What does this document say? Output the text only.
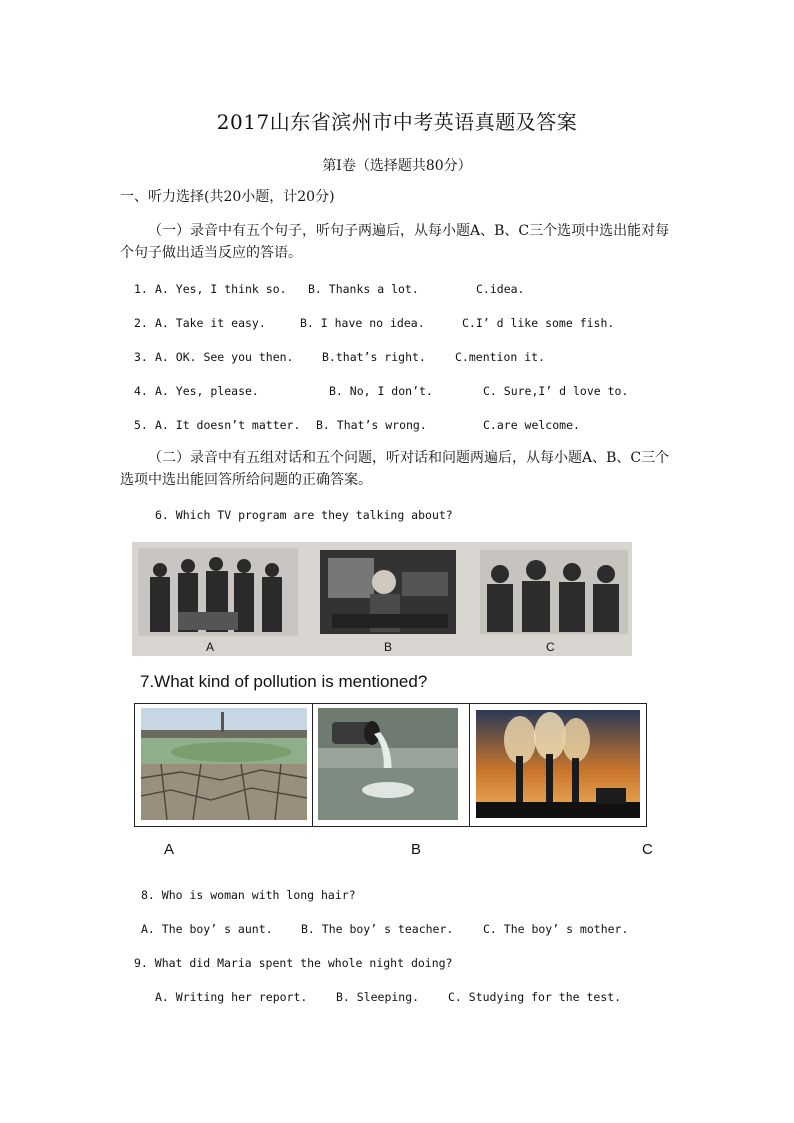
2017山东省滨州市中考英语真题及答案
第Ⅰ卷（选择题共80分）
一、听力选择(共20小题，计20分)
（一）录音中有五个句子，听句子两遍后，从每小题A、B、C三个选项中选出能对每个句子做出适当反应的答语。
1. A. Yes, I think so. B. Thanks a lot.	C.idea.
2. A. Take it easy.	B. I have no idea.	C.I’ d like some fish.
3. A. OK. See you then. B.that’s right.	C.mention it.
4. A. Yes, please.	B. No, I don’t.	C. Sure,I’ d love to.
5. A. It doesn’t matter. B. That’s wrong.	C.are welcome.
（二）录音中有五组对话和五个问题，听对话和问题两遍后，从每小题A、B、C三个选项中选出能回答所给问题的正确答案。
6. Which TV program are they talking about?
A	B	C
7.What kind of pollution is mentioned?
A	B	C
8. Who is woman with long hair?
A. The boy’ s aunt. B. The boy’ s teacher.	C. The boy’ s mother.
9. What did Maria spent the whole night doing?
A. Writing her report. B. Sleeping.	C. Studying for the test.
